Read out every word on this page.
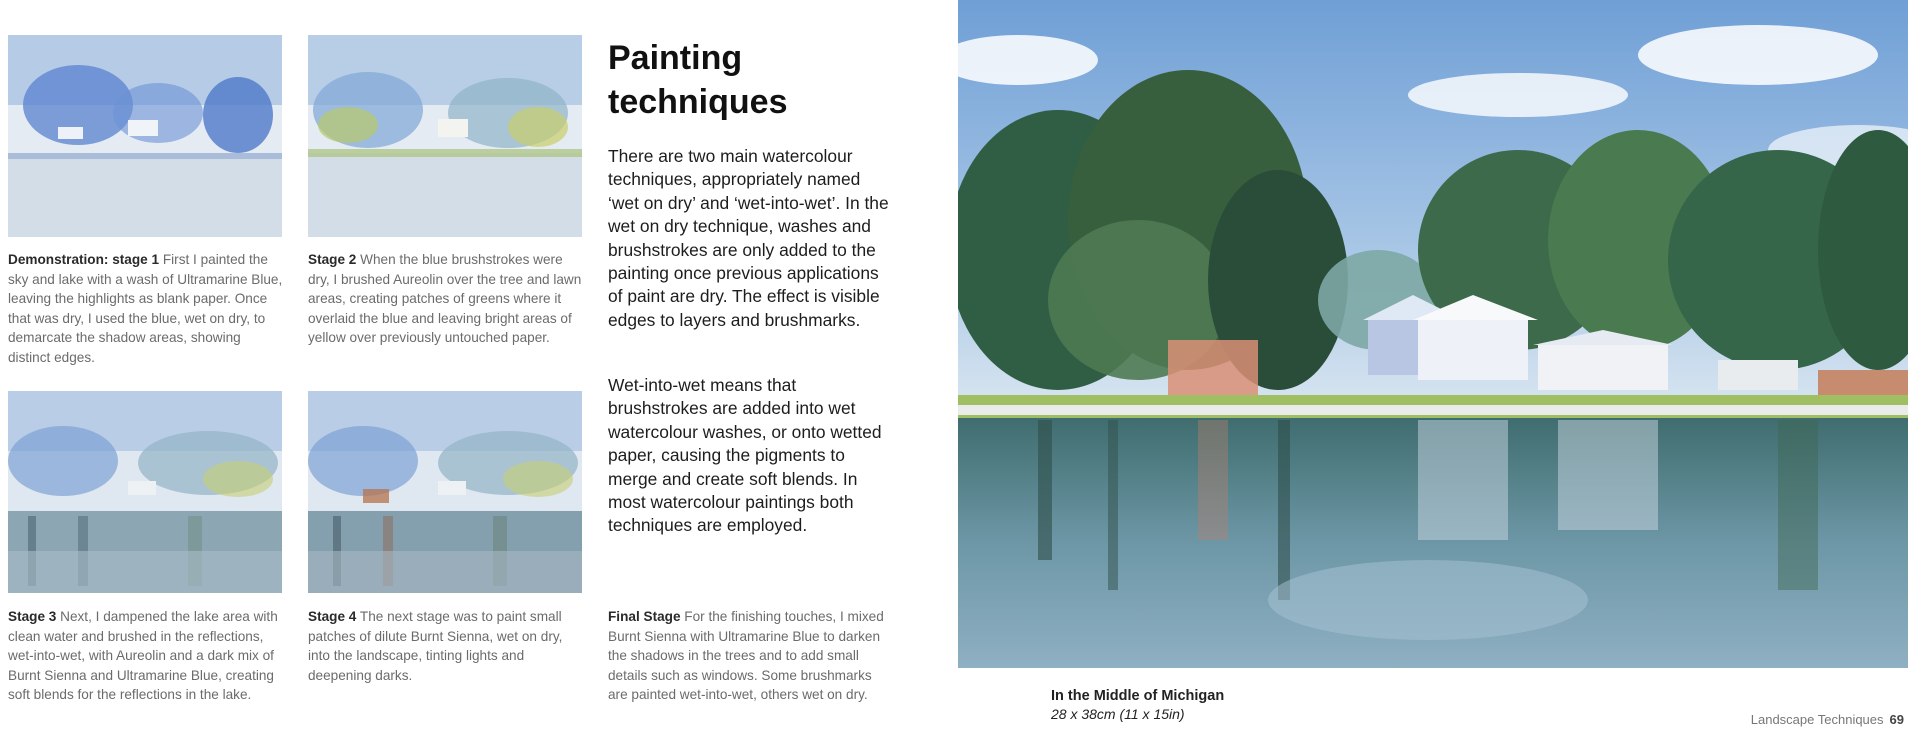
Demonstration: stage 1 First I painted the sky and lake with a wash of Ultramarine Blue, leaving the highlights as blank paper. Once that was dry, I used the blue, wet on dry, to demarcate the shadow areas, showing distinct edges.
Stage 2 When the blue brushstrokes were dry, I brushed Aureolin over the tree and lawn areas, creating patches of greens where it overlaid the blue and leaving bright areas of yellow over previously untouched paper.
Stage 3 Next, I dampened the lake area with clean water and brushed in the reflections, wet-into-wet, with Aureolin and a dark mix of Burnt Sienna and Ultramarine Blue, creating soft blends for the reflections in the lake.
Stage 4 The next stage was to paint small patches of dilute Burnt Sienna, wet on dry, into the landscape, tinting lights and deepening darks.
Final Stage For the finishing touches, I mixed Burnt Sienna with Ultramarine Blue to darken the shadows in the trees and to add small details such as windows. Some brushmarks are painted wet-into-wet, others wet on dry.
Painting
techniques
There are two main watercolour techniques, appropriately named ‘wet on dry’ and ‘wet-into-wet’. In the wet on dry technique, washes and brushstrokes are only added to the painting once previous applications of paint are dry. The effect is visible edges to layers and brushmarks.
Wet-into-wet means that brushstrokes are added into wet watercolour washes, or onto wetted paper, causing the pigments to merge and create soft blends. In most watercolour paintings both techniques are employed.
In the Middle of Michigan
28 x 38cm (11 x 15in)	Landscape Techniques 69
